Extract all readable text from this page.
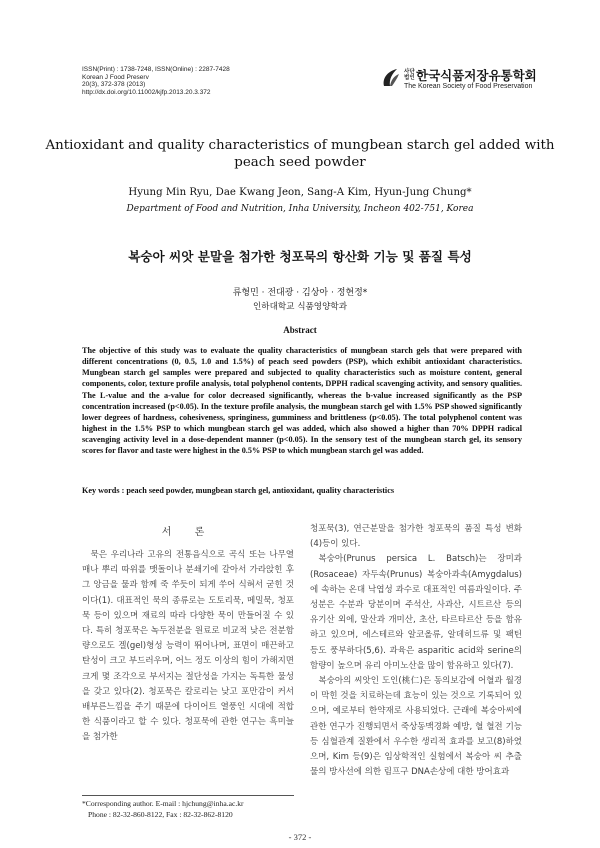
ISSN(Print) : 1738-7248, ISSN(Online) : 2287-7428
Korean J Food Preserv
20(3), 372-378 (2013)
http://dx.doi.org/10.11002/kjfp.2013.20.3.372
사단
법인 한국식품저장유통학회
The Korean Society of Food Preservation
Antioxidant and quality characteristics of mungbean starch gel added with peach seed powder
Hyung Min Ryu, Dae Kwang Jeon, Sang-A Kim, Hyun-Jung Chung*
Department of Food and Nutrition, Inha University, Incheon 402-751, Korea
복숭아 씨앗 분말을 첨가한 청포묵의 항산화 기능 및 품질 특성
류형민 · 전대광 · 김상아 · 정현정*
인하대학교 식품영양학과
Abstract
The objective of this study was to evaluate the quality characteristics of mungbean starch gels that were prepared with different concentrations (0, 0.5, 1.0 and 1.5%) of peach seed powders (PSP), which exhibit antioxidant characteristics. Mungbean starch gel samples were prepared and subjected to quality characteristics such as moisture content, general components, color, texture profile analysis, total polyphenol contents, DPPH radical scavenging activity, and sensory qualities. The L-value and the a-value for color decreased significantly, whereas the b-value increased significantly as the PSP concentration increased (p<0.05). In the texture profile analysis, the mungbean starch gel with 1.5% PSP showed significantly lower degrees of hardness, cohesiveness, springiness, gumminess and brittleness (p<0.05). The total polyphenol content was highest in the 1.5% PSP to which mungbean starch gel was added, which also showed a higher than 70% DPPH radical scavenging activity level in a dose-dependent manner (p<0.05). In the sensory test of the mungbean starch gel, its sensory scores for flavor and taste were highest in the 0.5% PSP to which mungbean starch gel was added.
Key words : peach seed powder, mungbean starch gel, antioxidant, quality characteristics
서 론

묵은 우리나라 고유의 전통음식으로 곡식 또는 나무열매나 뿌리 따위를 맷돌이나 분쇄기에 갈아서 가라앉힌 후그 앙금을 물과 함께 죽 쑤듯이 되게 쑤어 식혀서 굳힌 것이다(1). 대표적인 묵의 종류로는 도토리묵, 메밀묵, 청포묵 등이 있으며 재료의 따라 다양한 묵이 만들어질 수 있다. 특히 청포묵은 녹두전분을 원료로 비교적 낮은 전분함량으로도 겔(gel)형성 능력이 뛰어나며, 표면이 매끈하고 탄성이 크고 부드러우며, 어느 정도 이상의 힘이 가해지면 크게 몇 조각으로 부서지는 절단성을 가지는 독특한 물성을 갖고 있다(2). 청포묵은 칼로리는 낮고 포만감이 커서 배부른느낌을 주기 때문에 다이어트 열풍인 시대에 적합한 식품이라고 할 수 있다. 청포묵에 관한 연구는 흑미늘을 첨가한

청포묵(3), 연근분말을 첨가한 청포묵의 품질 특성 변화(4)등이 있다.

복숭아(Prunus persica L. Batsch)는 장미과(Rosaceae) 자두속(Prunus) 복숭아과속(Amygdalus)에 속하는 온대 낙엽성 과수로 대표적인 여름과일이다. 주성분은 수분과 당분이며 주석산, 사과산, 시트르산 등의 유기산 외에, 말산과 개미산, 초산, 타르타르산 등을 함유하고 있으며, 에스테르와 알코올류, 알데히드류 및 팩틴 등도 풍부하다(5,6). 과육은 asparitic acid와 serine의 함량이 높으며 유리 아미노산을 많이 함유하고 있다(7).

복숭아의 씨앗인 도인(桃仁)은 동의보감에 어혈과 월경이 막힌 것을 치료하는데 효능이 있는 것으로 기록되어 있으며, 예로부터 한약재로 사용되었다. 근래에 복숭아씨에 관한 연구가 진행되면서 죽상동맥경화 예방, 혈 혈전 기능 등 심혈관계 질환에서 우수한 생리적 효과를 보고(8)하였으며, Kim 등(9)은 임상학적인 실험에서 복숭아 씨 추출물의 방사선에 의한 림프구 DNA손상에 대한 방어효과

*Corresponding author. E-mail : hjchung@inha.ac.kr
Phone : 82-32-860-8122, Fax : 82-32-862-8120
- 372 -
